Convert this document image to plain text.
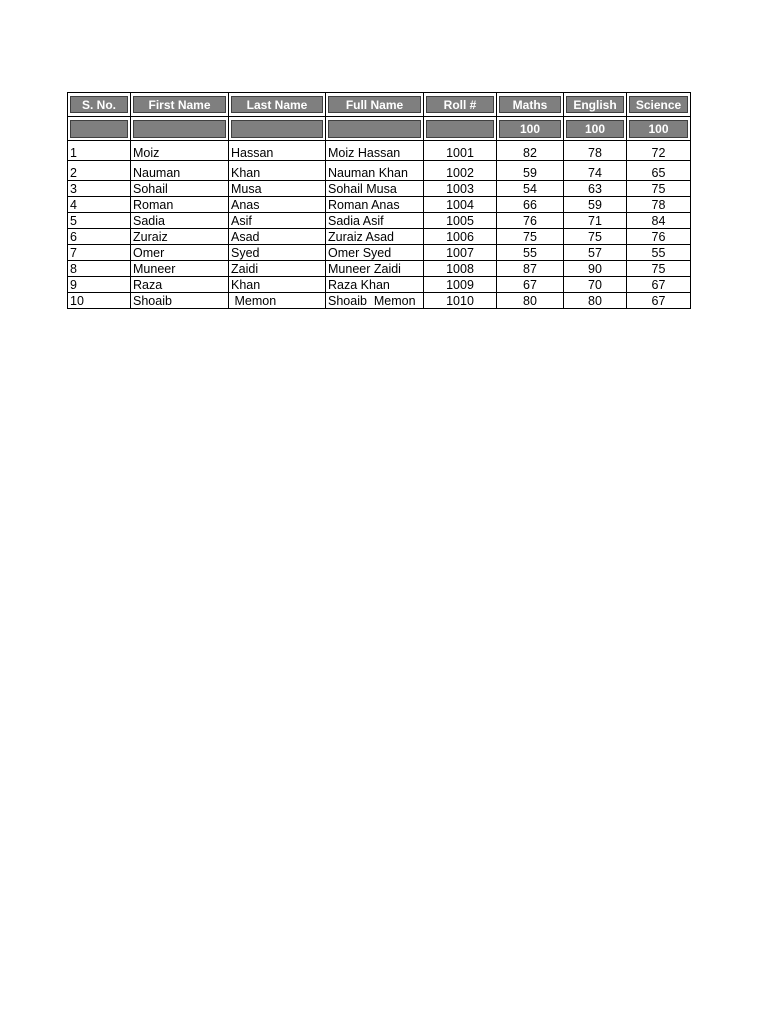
S. No.	First Name	Last Name	Full Name	Roll #	Maths	English	Science

					100	100	100

1	Moiz	Hassan	Moiz Hassan	1001	82	78	72
2	Nauman	Khan	Nauman Khan	1002	59	74	65
3	Sohail	Musa	Sohail Musa	1003	54	63	75
4	Roman	Anas	Roman Anas	1004	66	59	78
5	Sadia	Asif	Sadia Asif	1005	76	71	84
6	Zuraiz	Asad	Zuraiz Asad	1006	75	75	76
7	Omer	Syed	Omer Syed	1007	55	57	55
8	Muneer	Zaidi	Muneer Zaidi	1008	87	90	75
9	Raza	Khan	Raza Khan	1009	67	70	67
10	Shoaib	Memon	Shoaib  Memon	1010	80	80	67
